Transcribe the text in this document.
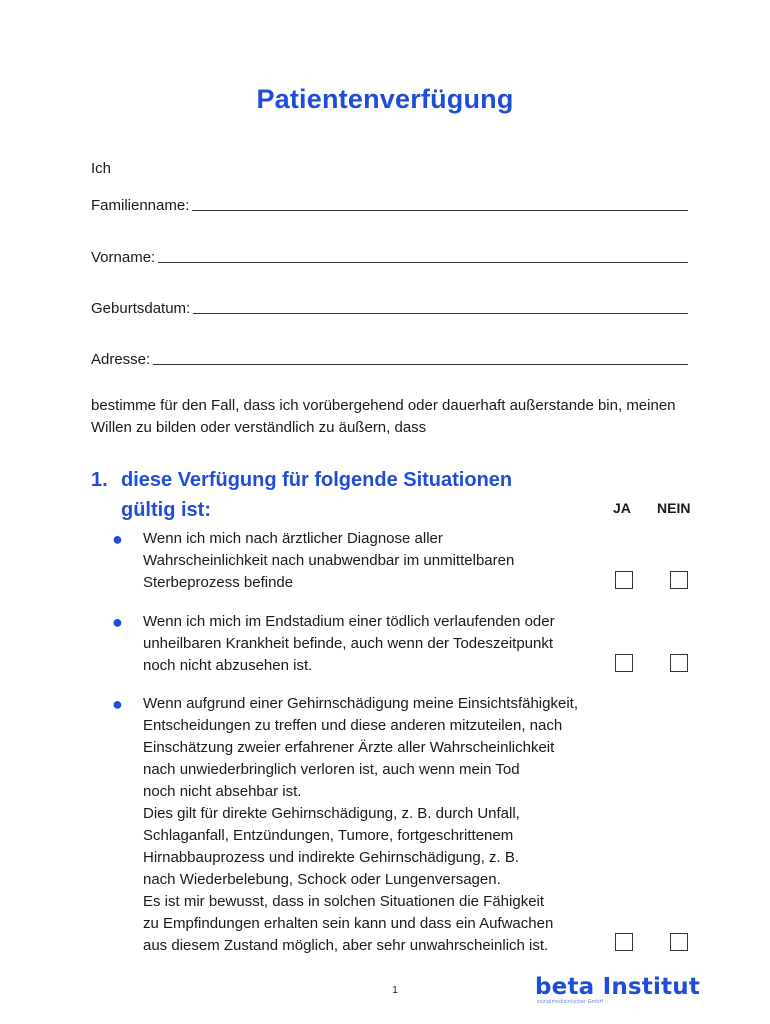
Patientenverfügung
Ich
Familienname:
Vorname:
Geburtsdatum:
Adresse:
bestimme für den Fall, dass ich vorübergehend oder dauerhaft außerstande bin, meinen Willen zu bilden oder verständlich zu äußern, dass
1. diese Verfügung für folgende Situationen
gültig ist:	JA NEIN
●	Wenn ich mich nach ärztlicher Diagnose aller Wahrscheinlichkeit nach unabwendbar im unmittelbaren Sterbeprozess befinde
●	Wenn ich mich im Endstadium einer tödlich verlaufenden oder unheilbaren Krankheit befinde, auch wenn der Todeszeitpunkt noch nicht abzusehen ist.
● Wenn aufgrund einer Gehirnschädigung meine Einsichtsfähigkeit,
Entscheidungen zu treffen und diese anderen mitzuteilen, nach
Einschätzung zweier erfahrener Ärzte aller Wahrscheinlichkeit
nach unwiederbringlich verloren ist, auch wenn mein Tod
noch nicht absehbar ist.
Dies gilt für direkte Gehirnschädigung, z. B. durch Unfall,
Schlaganfall, Entzündungen, Tumore, fortgeschrittenem
Hirnabbauprozess und indirekte Gehirnschädigung, z. B.
nach Wiederbelebung, Schock oder Lungenversagen.
Es ist mir bewusst, dass in solchen Situationen die Fähigkeit
zu Empfindungen erhalten sein kann und dass ein Aufwachen
aus diesem Zustand möglich, aber sehr unwahrscheinlich ist.
1	beta Institut
sozialmedizinischer GmbH
